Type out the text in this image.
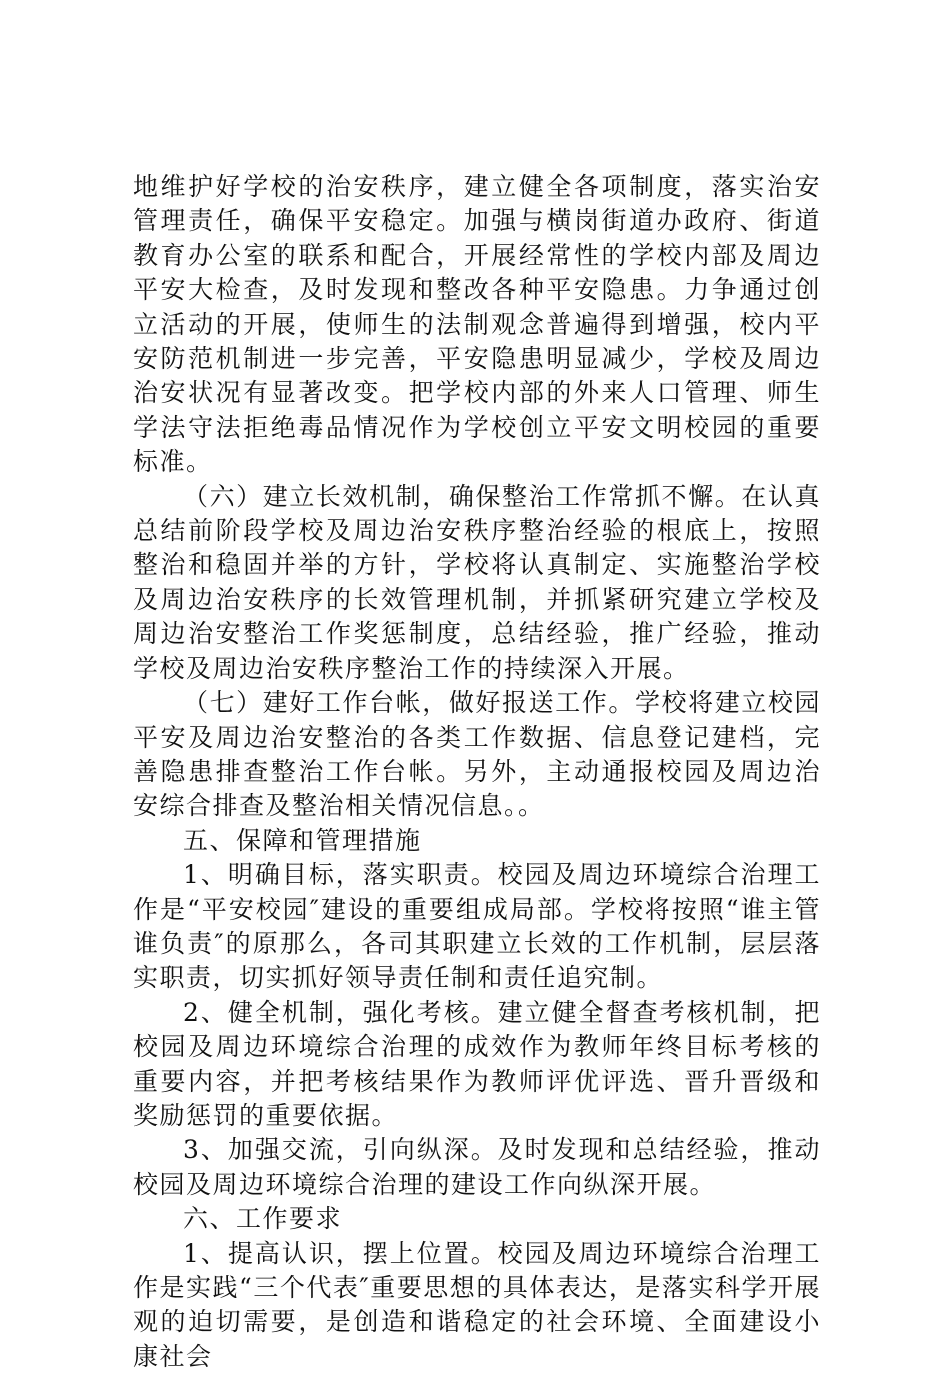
地维护好学校的治安秩序，建立健全各项制度，落实治安管理责任，确保平安稳定。加强与横岗街道办政府、街道教育办公室的联系和配合，开展经常性的学校内部及周边平安大检查，及时发现和整改各种平安隐患。力争通过创立活动的开展，使师生的法制观念普遍得到增强，校内平安防范机制进一步完善，平安隐患明显减少，学校及周边治安状况有显著改变。把学校内部的外来人口管理、师生学法守法拒绝毒品情况作为学校创立平安文明校园的重要标准。

（六）建立长效机制，确保整治工作常抓不懈。在认真总结前阶段学校及周边治安秩序整治经验的根底上，按照整治和稳固并举的方针，学校将认真制定、实施整治学校及周边治安秩序的长效管理机制，并抓紧研究建立学校及周边治安整治工作奖惩制度，总结经验，推广经验，推动学校及周边治安秩序整治工作的持续深入开展。

（七）建好工作台帐，做好报送工作。学校将建立校园平安及周边治安整治的各类工作数据、信息登记建档，完善隐患排查整治工作台帐。另外，主动通报校园及周边治安综合排查及整治相关情况信息。。

五、保障和管理措施

1、明确目标，落实职责。校园及周边环境综合治理工作是“平安校园″建设的重要组成局部。学校将按照“谁主管谁负责″的原那么，各司其职建立长效的工作机制，层层落实职责，切实抓好领导责任制和责任追究制。

2、健全机制，强化考核。建立健全督查考核机制，把校园及周边环境综合治理的成效作为教师年终目标考核的重要内容，并把考核结果作为教师评优评选、晋升晋级和奖励惩罚的重要依据。

3、加强交流，引向纵深。及时发现和总结经验，推动校园及周边环境综合治理的建设工作向纵深开展。

六、工作要求

1、提高认识，摆上位置。校园及周边环境综合治理工作是实践“三个代表″重要思想的具体表达，是落实科学开展观的迫切需要，是创造和谐稳定的社会环境、全面建设小康社会
